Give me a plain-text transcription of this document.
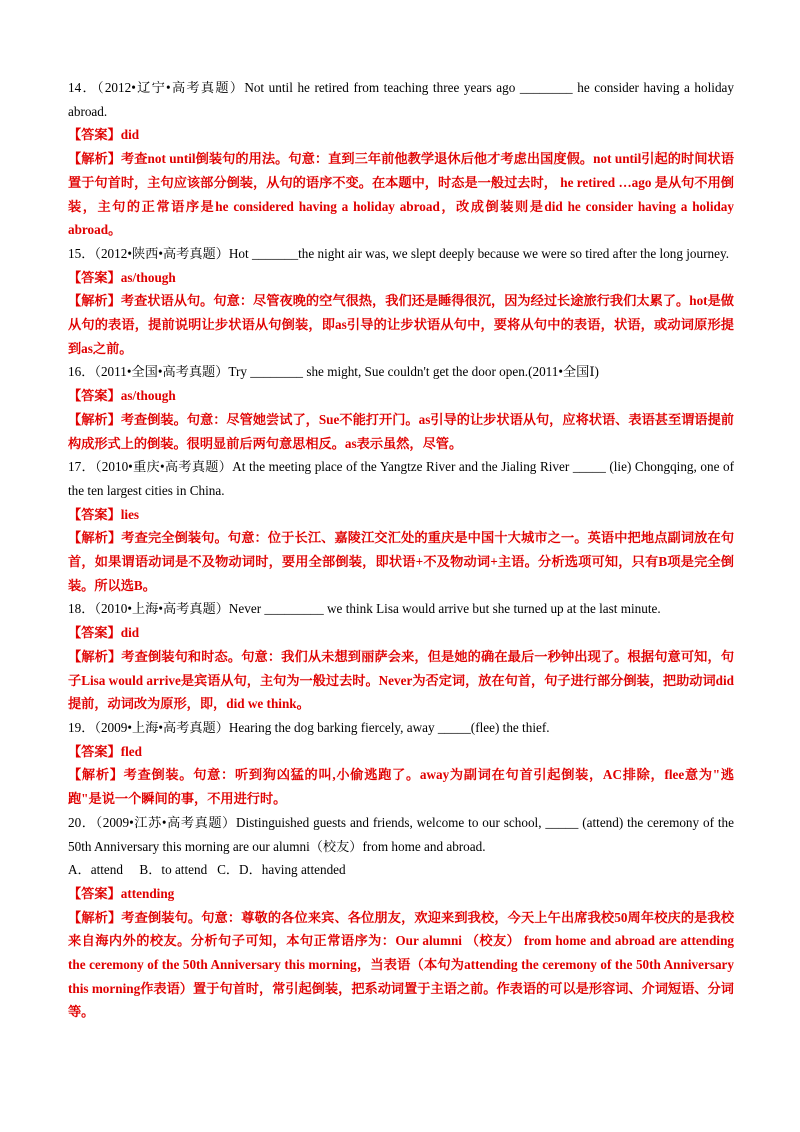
14．（2012•辽宁•高考真题）Not until he retired from teaching three years ago ________ he consider having a holiday abroad.

【答案】did

【解析】考查not until倒装句的用法。句意：直到三年前他教学退休后他才考虑出国度假。not until引起的时间状语置于句首时，主句应该部分倒装，从句的语序不变。在本题中，时态是一般过去时， he retired …ago 是从句不用倒装，主句的正常语序是he considered having a holiday abroad，改成倒装则是did he consider having a holiday abroad。

15．（2012•陕西•高考真题）Hot _______the night air was, we slept deeply because we were so tired after the long journey.

【答案】as/though

【解析】考查状语从句。句意：尽管夜晚的空气很热，我们还是睡得很沉，因为经过长途旅行我们太累了。hot是做从句的表语，提前说明让步状语从句倒装，即as引导的让步状语从句中，要将从句中的表语，状语，或动词原形提到as之前。

16．（2011•全国•高考真题）Try ________ she might, Sue couldn't get the door open.(2011•全国Ⅰ)

【答案】as/though

【解析】考查倒装。句意：尽管她尝试了，Sue不能打开门。as引导的让步状语从句，应将状语、表语甚至谓语提前构成形式上的倒装。很明显前后两句意思相反。as表示虽然，尽管。

17．（2010•重庆•高考真题）At the meeting place of the Yangtze River and the Jialing River _____ (lie) Chongqing, one of the ten largest cities in China.

【答案】lies

【解析】考查完全倒装句。句意：位于长江、嘉陵江交汇处的重庆是中国十大城市之一。英语中把地点副词放在句首，如果谓语动词是不及物动词时，要用全部倒装，即状语+不及物动词+主语。分析选项可知，只有B项是完全倒装。所以选B。

18．（2010•上海•高考真题）Never _________ we think Lisa would arrive but she turned up at the last minute.

【答案】did

【解析】考查倒装句和时态。句意：我们从未想到丽萨会来，但是她的确在最后一秒钟出现了。根据句意可知，句子Lisa would arrive是宾语从句，主句为一般过去时。Never为否定词，放在句首，句子进行部分倒装，把助动词did提前，动词改为原形，即，did we think。

19．（2009•上海•高考真题）Hearing the dog barking fiercely, away _____(flee) the thief.

【答案】fled

【解析】考查倒装。句意：听到狗凶猛的叫,小偷逃跑了。away为副词在句首引起倒装，AC排除，flee意为"逃跑"是说一个瞬间的事，不用进行时。

20．（2009•江苏•高考真题）Distinguished guests and friends, welcome to our school, _____ (attend) the ceremony of the 50th Anniversary this morning are our alumni（校友）from home and abroad.

A．attend     B．to attend   C．D．having attended

【答案】attending

【解析】考查倒装句。句意：尊敬的各位来宾、各位朋友，欢迎来到我校，今天上午出席我校50周年校庆的是我校来自海内外的校友。分析句子可知，本句正常语序为：Our alumni （校友） from home and abroad are attending the ceremony of the 50th Anniversary this morning，当表语（本句为attending the ceremony of the 50th Anniversary this morning作表语）置于句首时，常引起倒装，把系动词置于主语之前。作表语的可以是形容词、介词短语、分词等。
